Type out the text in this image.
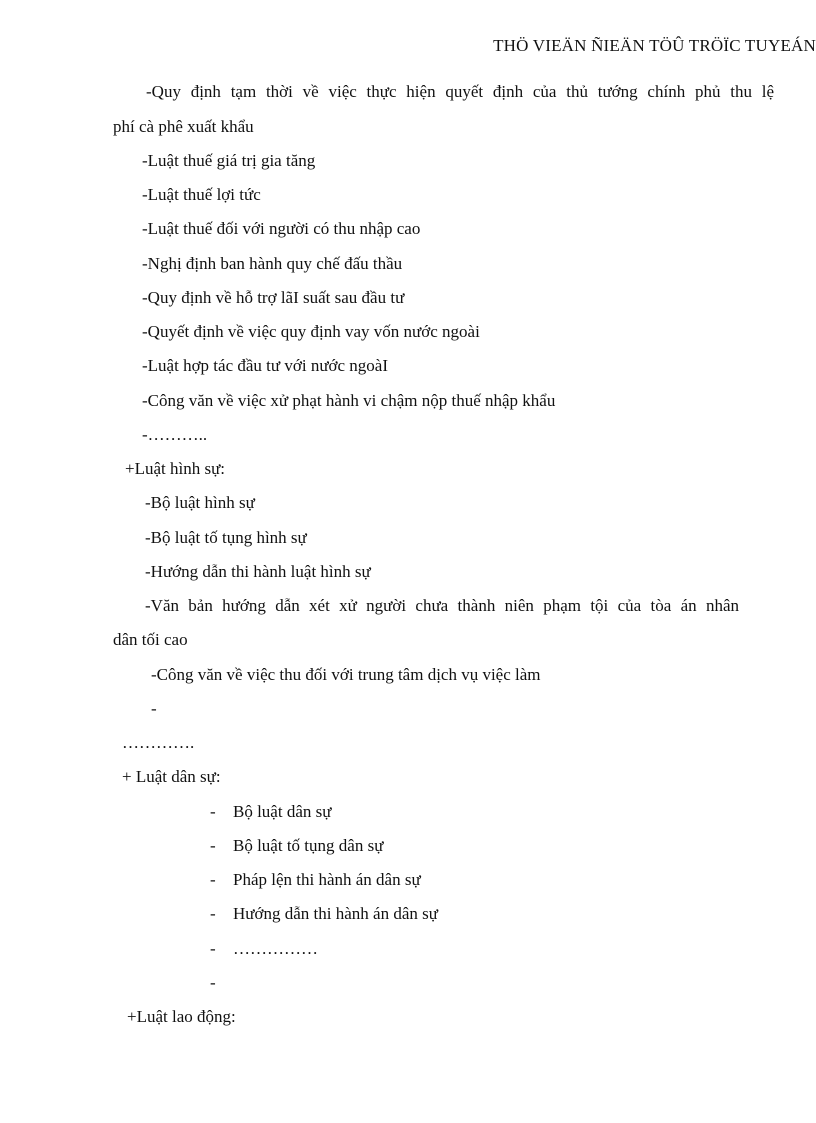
THÖ VIEÄN ÑIEÄN TÖÛ TRÖÏC TUYEÁN
-Quy định tạm thời về việc thực hiện quyết định của thủ tướng chính phủ thu lệ
phí cà phê xuất khẩu
-Luật thuế giá trị gia tăng
-Luật thuế lợi tức
-Luật thuế đối với người có thu nhập cao
-Nghị định ban hành quy chế đấu thầu
-Quy định về hỗ trợ lãI suất sau đầu tư
-Quyết định về việc quy định vay vốn nước ngoài
-Luật hợp tác đầu tư với nước ngoàI
-Công văn về việc xử phạt hành vi chậm nộp thuế nhập khẩu
-………..
+Luật hình sự:
-Bộ luật hình sự
-Bộ luật tố tụng hình sự
-Hướng dẫn thi hành luật hình sự
-Văn bản hướng dẫn xét xử người chưa thành niên phạm tội của tòa án nhân
dân tối cao
-Công văn về việc thu đối với trung tâm dịch vụ việc làm
-
………….
+ Luật dân sự:
- Bộ luật dân sự
- Bộ luật tố tụng dân sự
- Pháp lện thi hành án dân sự
- Hướng dẫn thi hành án dân sự
- ……………
-
+Luật lao động:
